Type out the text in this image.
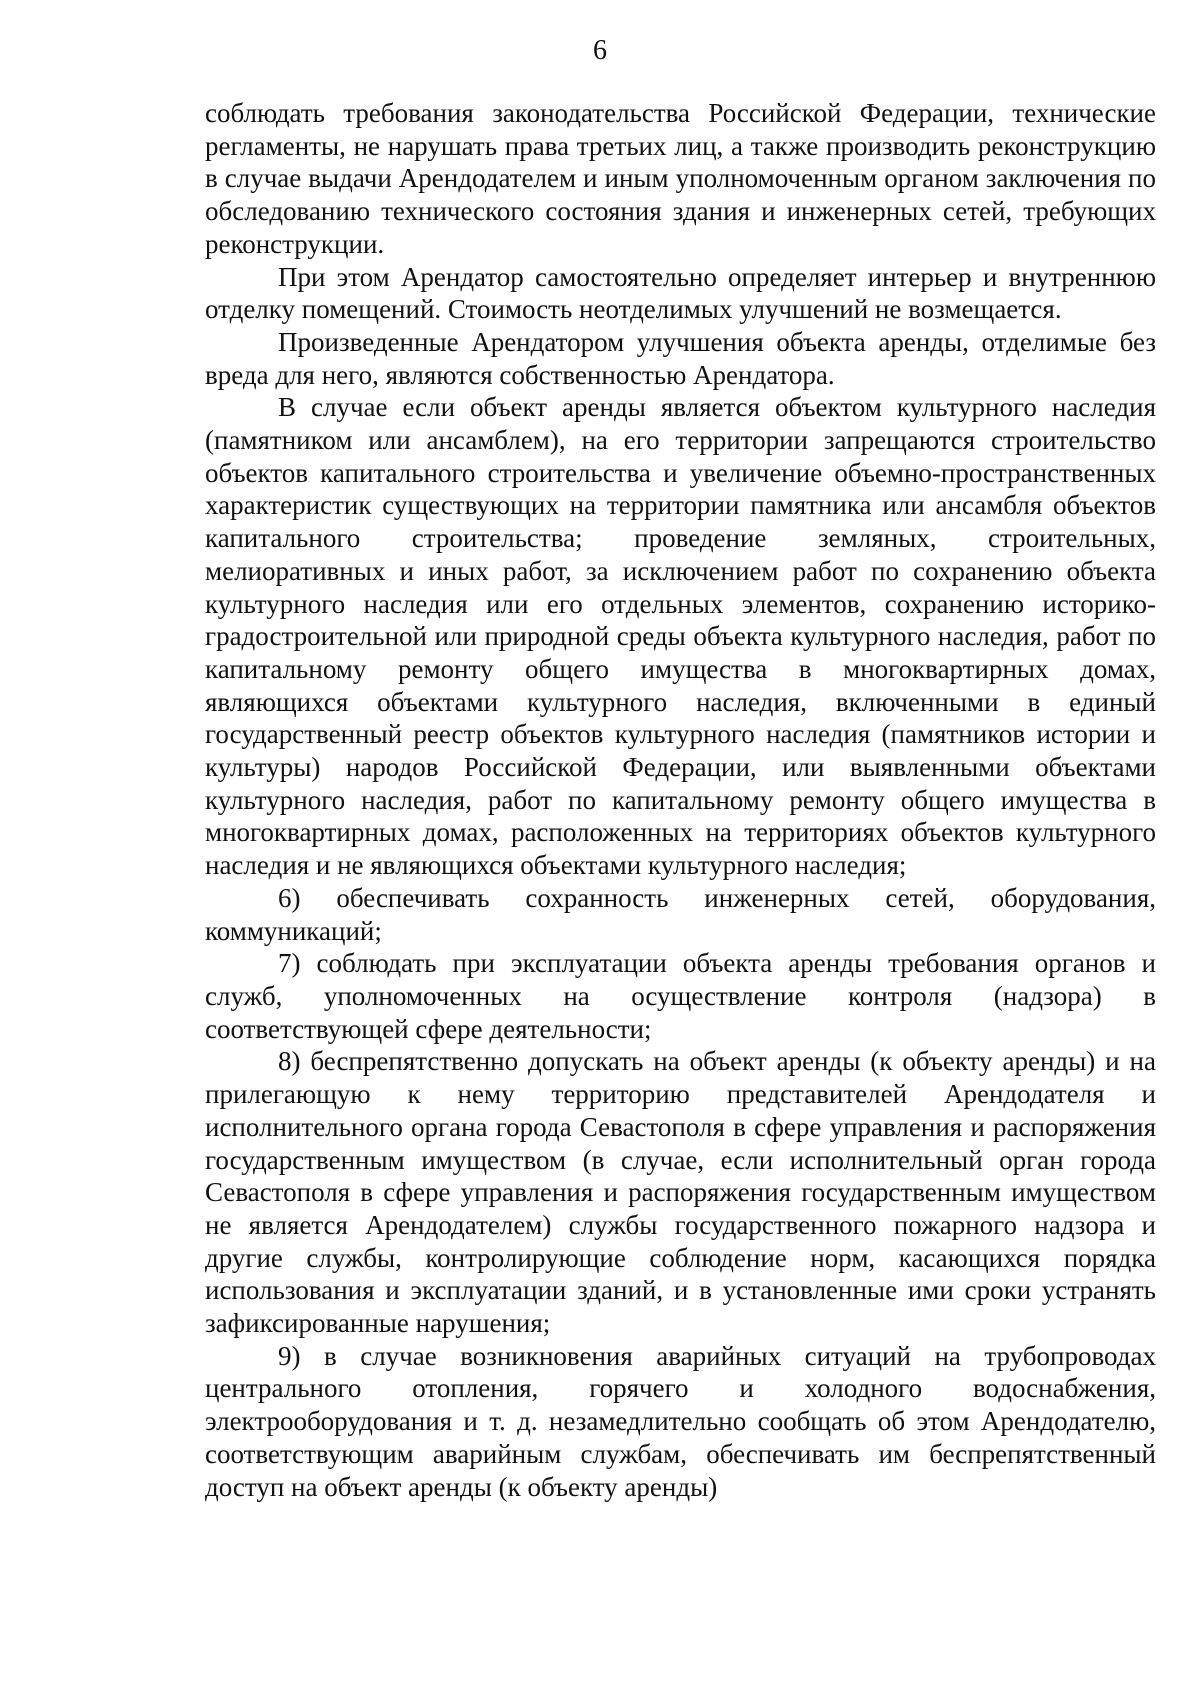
6

соблюдать требования законодательства Российской Федерации, технические регламенты, не нарушать права третьих лиц, а также производить реконструкцию в случае выдачи Арендодателем и иным уполномоченным органом заключения по обследованию технического состояния здания и инженерных сетей, требующих реконструкции.

При этом Арендатор самостоятельно определяет интерьер и внутреннюю отделку помещений. Стоимость неотделимых улучшений не возмещается.

Произведенные Арендатором улучшения объекта аренды, отделимые без вреда для него, являются собственностью Арендатора.

В случае если объект аренды является объектом культурного наследия (памятником или ансамблем), на его территории запрещаются строительство объектов капитального строительства и увеличение объемно-пространственных характеристик существующих на территории памятника или ансамбля объектов капитального строительства; проведение земляных, строительных, мелиоративных и иных работ, за исключением работ по сохранению объекта культурного наследия или его отдельных элементов, сохранению историко-градостроительной или природной среды объекта культурного наследия, работ по капитальному ремонту общего имущества в многоквартирных домах, являющихся объектами культурного наследия, включенными в единый государственный реестр объектов культурного наследия (памятников истории и культуры) народов Российской Федерации, или выявленными объектами культурного наследия, работ по капитальному ремонту общего имущества в многоквартирных домах, расположенных на территориях объектов культурного наследия и не являющихся объектами культурного наследия;

6) обеспечивать сохранность инженерных сетей, оборудования, коммуникаций;

7) соблюдать при эксплуатации объекта аренды требования органов и служб, уполномоченных на осуществление контроля (надзора) в соответствующей сфере деятельности;

8) беспрепятственно допускать на объект аренды (к объекту аренды) и на прилегающую к нему территорию представителей Арендодателя и исполнительного органа города Севастополя в сфере управления и распоряжения государственным имуществом (в случае, если исполнительный орган города Севастополя в сфере управления и распоряжения государственным имуществом не является Арендодателем) службы государственного пожарного надзора и другие службы, контролирующие соблюдение норм, касающихся порядка использования и эксплуатации зданий, и в установленные ими сроки устранять зафиксированные нарушения;

9) в случае возникновения аварийных ситуаций на трубопроводах центрального отопления, горячего и холодного водоснабжения, электрооборудования и т. д. незамедлительно сообщать об этом Арендодателю, соответствующим аварийным службам, обеспечивать им беспрепятственный доступ на объект аренды (к объекту аренды)
